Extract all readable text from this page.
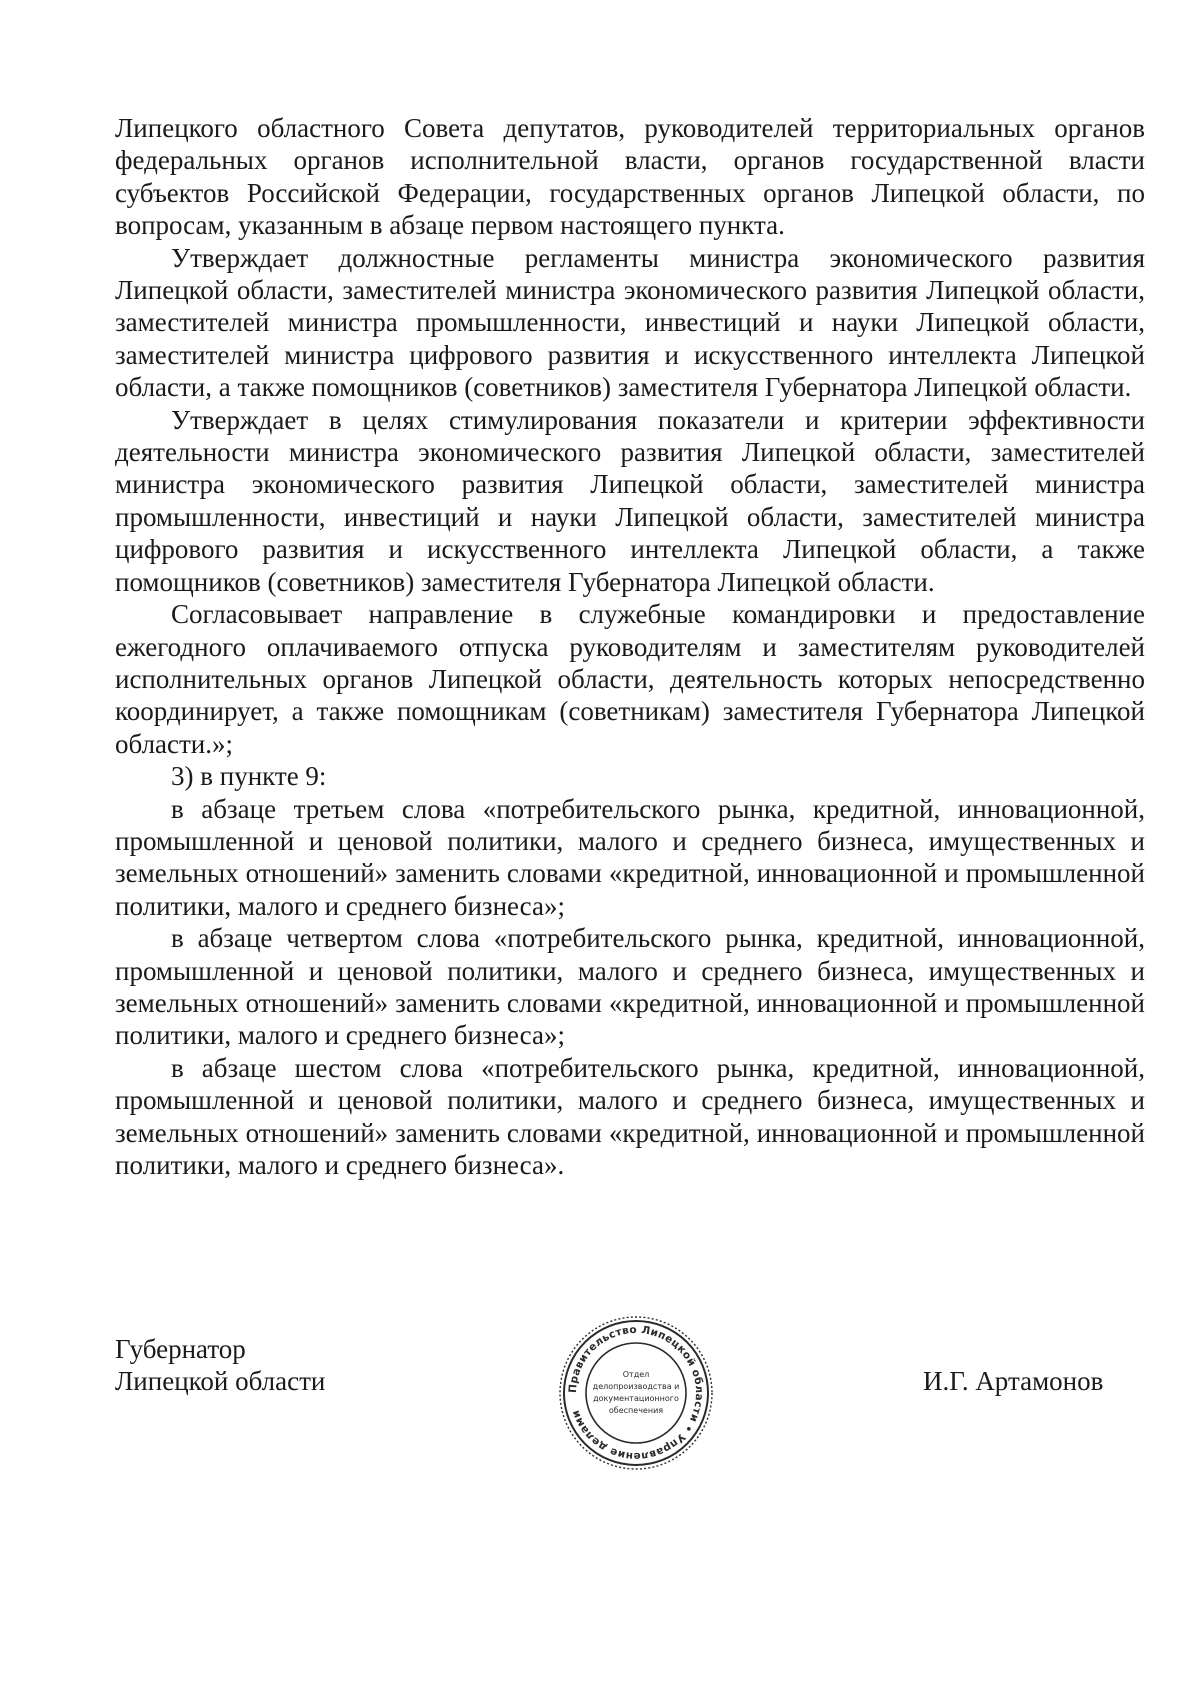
Липецкого областного Совета депутатов, руководителей территориальных органов федеральных органов исполнительной власти, органов государственной власти субъектов Российской Федерации, государственных органов Липецкой области, по вопросам, указанным в абзаце первом настоящего пункта.

Утверждает должностные регламенты министра экономического развития Липецкой области, заместителей министра экономического развития Липецкой области, заместителей министра промышленности, инвестиций и науки Липецкой области, заместителей министра цифрового развития и искусственного интеллекта Липецкой области, а также помощников (советников) заместителя Губернатора Липецкой области.

Утверждает в целях стимулирования показатели и критерии эффективности деятельности министра экономического развития Липецкой области, заместителей министра экономического развития Липецкой области, заместителей министра промышленности, инвестиций и науки Липецкой области, заместителей министра цифрового развития и искусственного интеллекта Липецкой области, а также помощников (советников) заместителя Губернатора Липецкой области.

Согласовывает направление в служебные командировки и предоставление ежегодного оплачиваемого отпуска руководителям и заместителям руководителей исполнительных органов Липецкой области, деятельность которых непосредственно координирует, а также помощникам (советникам) заместителя Губернатора Липецкой области.»;

3) в пункте 9:

в абзаце третьем слова «потребительского рынка, кредитной, инновационной, промышленной и ценовой политики, малого и среднего бизнеса, имущественных и земельных отношений» заменить словами «кредитной, инновационной и промышленной политики, малого и среднего бизнеса»;

в абзаце четвертом слова «потребительского рынка, кредитной, инновационной, промышленной и ценовой политики, малого и среднего бизнеса, имущественных и земельных отношений» заменить словами «кредитной, инновационной и промышленной политики, малого и среднего бизнеса»;

в абзаце шестом слова «потребительского рынка, кредитной, инновационной, промышленной и ценовой политики, малого и среднего бизнеса, имущественных и земельных отношений» заменить словами «кредитной, инновационной и промышленной политики, малого и среднего бизнеса».

Губернатор
Липецкой области	И.Г. Артамонов
Правительство Липецкой области • Управление делами
Отдел
делопроизводства и
документационного
обеспечения
